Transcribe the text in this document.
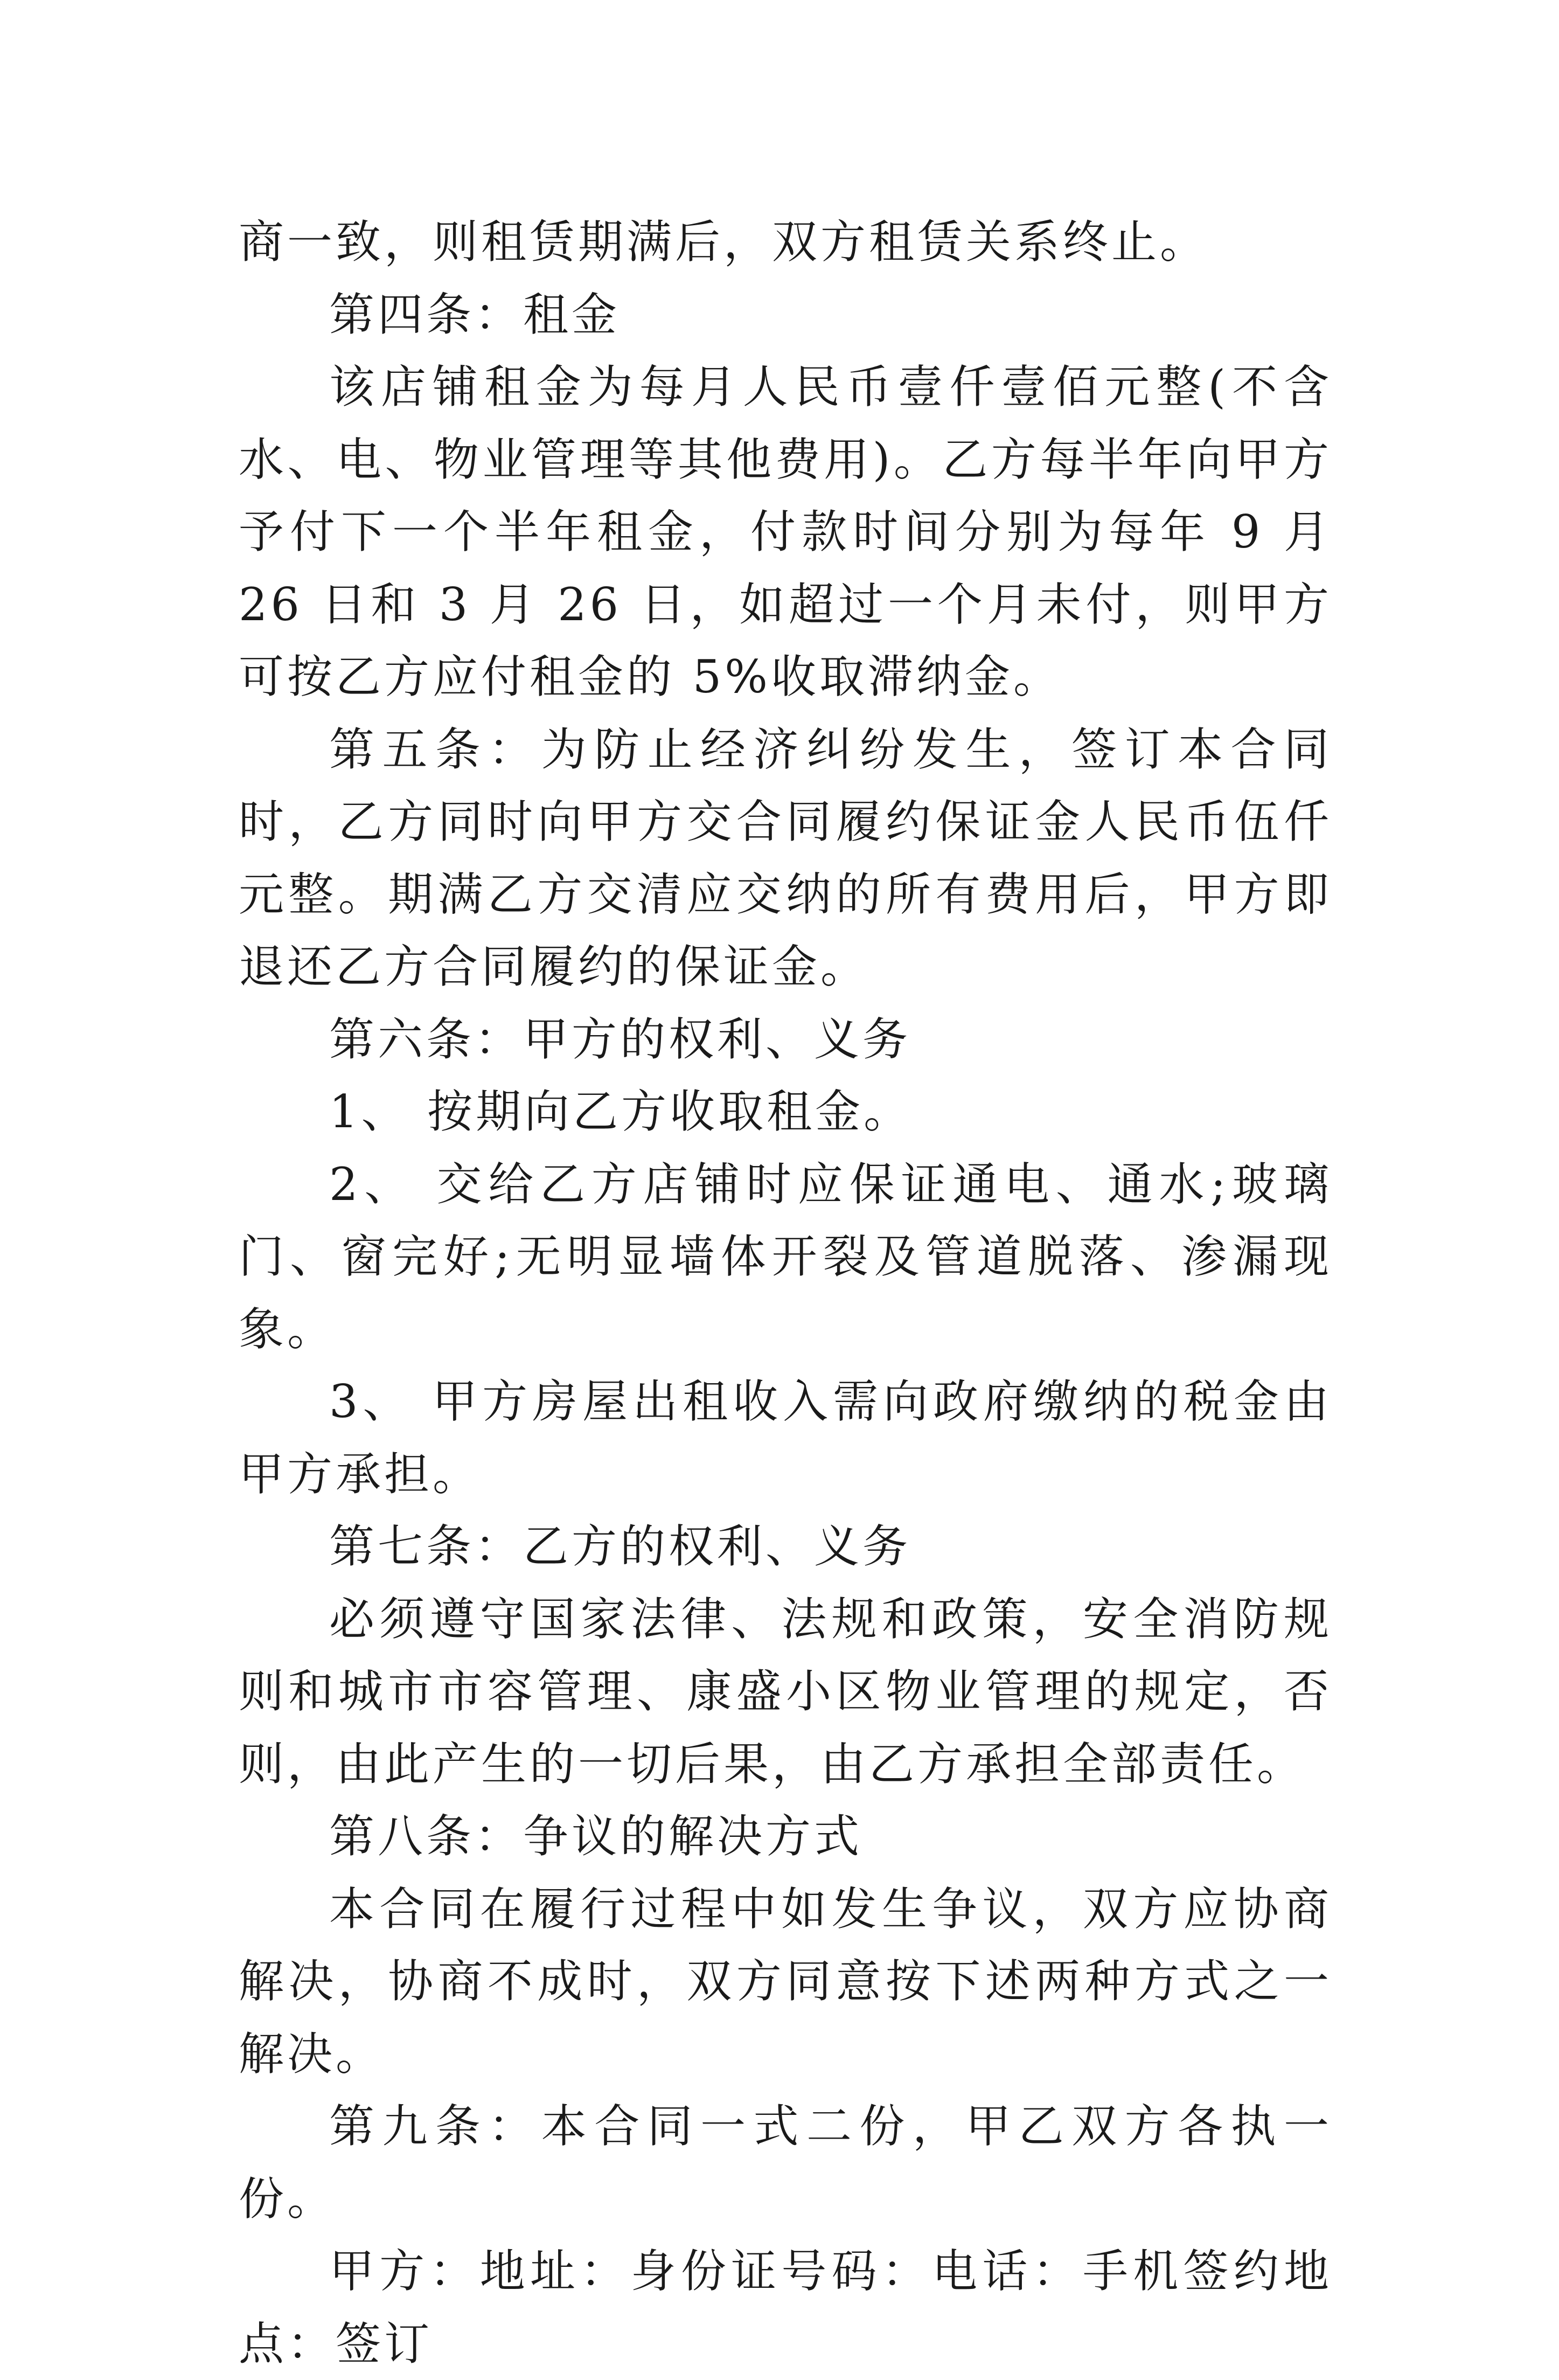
商一致，则租赁期满后，双方租赁关系终止。

第四条：租金

该店铺租金为每月人民币壹仟壹佰元整(不含水、电、物业管理等其他费用)。乙方每半年向甲方予付下一个半年租金，付款时间分别为每年 9 月 26 日和 3 月 26 日，如超过一个月未付，则甲方可按乙方应付租金的 5%收取滞纳金。

第五条：为防止经济纠纷发生，签订本合同时，乙方同时向甲方交合同履约保证金人民币伍仟元整。期满乙方交清应交纳的所有费用后，甲方即退还乙方合同履约的保证金。

第六条：甲方的权利、义务

1、 按期向乙方收取租金。

2、 交给乙方店铺时应保证通电、通水;玻璃门、窗完好;无明显墙体开裂及管道脱落、渗漏现象。

3、 甲方房屋出租收入需向政府缴纳的税金由甲方承担。

第七条：乙方的权利、义务

必须遵守国家法律、法规和政策，安全消防规则和城市市容管理、康盛小区物业管理的规定，否则，由此产生的一切后果，由乙方承担全部责任。

第八条：争议的解决方式

本合同在履行过程中如发生争议，双方应协商解决，协商不成时，双方同意按下述两种方式之一解决。

第九条：本合同一式二份，甲乙双方各执一份。

甲方：地址：身份证号码：电话：手机签约地点：签订
